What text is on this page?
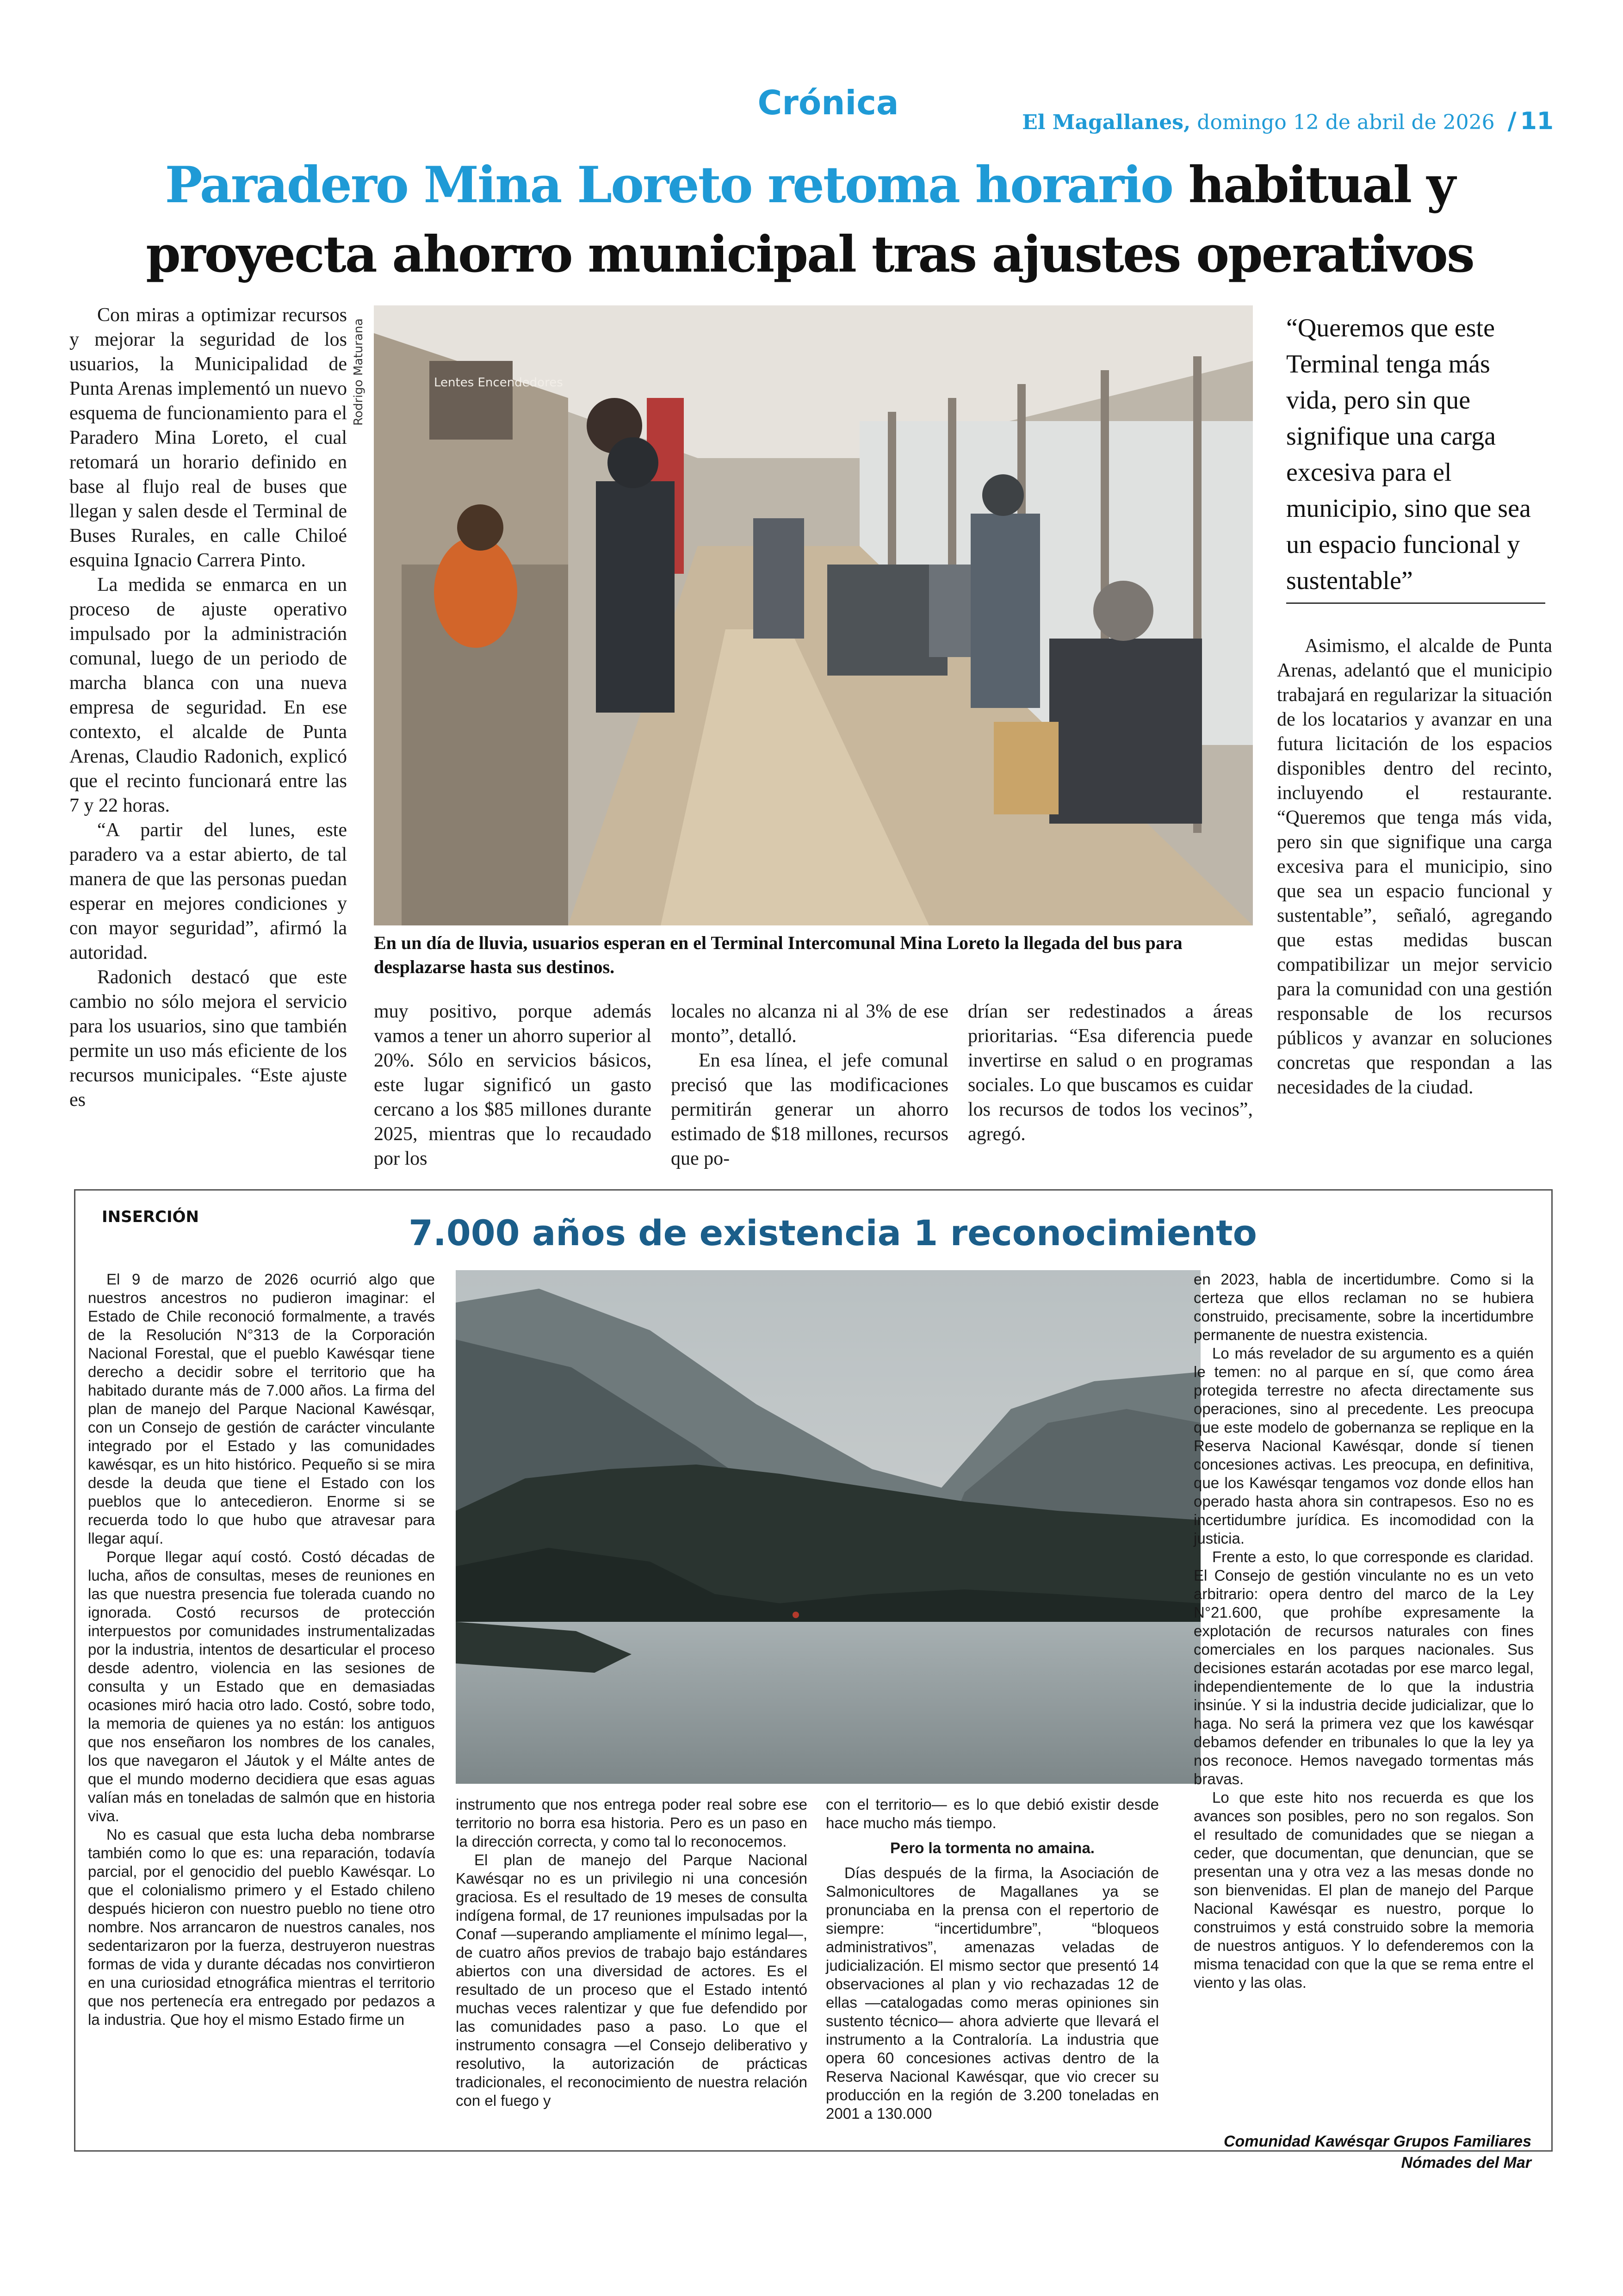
Crónica
El Magallanes, domingo 12 de abril de 2026 / 11
Paradero Mina Loreto retoma horario habitual y
proyecta ahorro municipal tras ajustes operativos

Con miras a optimizar recursos y mejorar la seguridad de los usuarios, la Municipalidad de Punta Arenas implementó un nuevo esquema de funcionamiento para el Paradero Mina Loreto, el cual retomará un horario definido en base al flujo real de buses que llegan y salen desde el Terminal de Buses Rurales, en calle Chiloé esquina Ignacio Carrera Pinto.

La medida se enmarca en un proceso de ajuste operativo impulsado por la administración comunal, luego de un periodo de marcha blanca con una nueva empresa de seguridad. En ese contexto, el alcalde de Punta Arenas, Claudio Radonich, explicó que el recinto funcionará entre las 7 y 22 horas.

“A partir del lunes, este paradero va a estar abierto, de tal manera de que las personas puedan esperar en mejores condiciones y con mayor seguridad”, afirmó la autoridad.

Radonich destacó que este cambio no sólo mejora el servicio para los usuarios, sino que también permite un uso más eficiente de los recursos municipales. “Este ajuste es

Rodrigo Maturana	Lentes Encendedores
En un día de lluvia, usuarios esperan en el Terminal Intercomunal Mina Loreto la llegada del bus para desplazarse hasta sus destinos.
“Queremos que este Terminal tenga más vida, pero sin que signifique una carga excesiva para el municipio, sino que sea un espacio funcional y sustentable”

muy positivo, porque además vamos a tener un ahorro superior al 20%. Sólo en servicios básicos, este lugar significó un gasto cercano a los $85 millones durante 2025, mientras que lo recaudado por los

locales no alcanza ni al 3% de ese monto”, detalló.

En esa línea, el jefe comunal precisó que las modificaciones permitirán generar un ahorro estimado de $18 millones, recursos que po-

drían ser redestinados a áreas prioritarias. “Esa diferencia puede invertirse en salud o en programas sociales. Lo que buscamos es cuidar los recursos de todos los vecinos”, agregó.

Asimismo, el alcalde de Punta Arenas, adelantó que el municipio trabajará en regularizar la situación de los locatarios y avanzar en una futura licitación de los espacios disponibles dentro del recinto, incluyendo el restaurante. “Queremos que tenga más vida, pero sin que signifique una carga excesiva para el municipio, sino que sea un espacio funcional y sustentable”, señaló, agregando que estas medidas buscan compatibilizar un mejor servicio para la comunidad con una gestión responsable de los recursos públicos y avanzar en soluciones concretas que respondan a las necesidades de la ciudad.

INSERCIÓN	7.000 años de existencia 1 reconocimiento

El 9 de marzo de 2026 ocurrió algo que nuestros ancestros no pudieron imaginar: el Estado de Chile reconoció formalmente, a través de la Resolución N°313 de la Corporación Nacional Forestal, que el pueblo Kawésqar tiene derecho a decidir sobre el territorio que ha habitado durante más de 7.000 años. La firma del plan de manejo del Parque Nacional Kawésqar, con un Consejo de gestión de carácter vinculante integrado por el Estado y las comunidades kawésqar, es un hito histórico. Pequeño si se mira desde la deuda que tiene el Estado con los pueblos que lo antecedieron. Enorme si se recuerda todo lo que hubo que atravesar para llegar aquí.

Porque llegar aquí costó. Costó décadas de lucha, años de consultas, meses de reuniones en las que nuestra presencia fue tolerada cuando no ignorada. Costó recursos de protección interpuestos por comunidades instrumentalizadas por la industria, intentos de desarticular el proceso desde adentro, violencia en las sesiones de consulta y un Estado que en demasiadas ocasiones miró hacia otro lado. Costó, sobre todo, la memoria de quienes ya no están: los antiguos que nos enseñaron los nombres de los canales, los que navegaron el Jáutok y el Málte antes de que el mundo moderno decidiera que esas aguas valían más en toneladas de salmón que en historia viva.

No es casual que esta lucha deba nombrarse también como lo que es: una reparación, todavía parcial, por el genocidio del pueblo Kawésqar. Lo que el colonialismo primero y el Estado chileno después hicieron con nuestro pueblo no tiene otro nombre. Nos arrancaron de nuestros canales, nos sedentarizaron por la fuerza, destruyeron nuestras formas de vida y durante décadas nos convirtieron en una curiosidad etnográfica mientras el territorio que nos pertenecía era entregado por pedazos a la industria. Que hoy el mismo Estado firme un

instrumento que nos entrega poder real sobre ese territorio no borra esa historia. Pero es un paso en la dirección correcta, y como tal lo reconocemos.

El plan de manejo del Parque Nacional Kawésqar no es un privilegio ni una concesión graciosa. Es el resultado de 19 meses de consulta indígena formal, de 17 reuniones impulsadas por la Conaf —superando ampliamente el mínimo legal—, de cuatro años previos de trabajo bajo estándares abiertos con una diversidad de actores. Es el resultado de un proceso que el Estado intentó muchas veces ralentizar y que fue defendido por las comunidades paso a paso. Lo que el instrumento consagra —el Consejo deliberativo y resolutivo, la autorización de prácticas tradicionales, el reconocimiento de nuestra relación con el fuego y

con el territorio— es lo que debió existir desde hace mucho más tiempo.

Pero la tormenta no amaina.

Días después de la firma, la Asociación de Salmonicultores de Magallanes ya se pronunciaba en la prensa con el repertorio de siempre: “incertidumbre”, “bloqueos administrativos”, amenazas veladas de judicialización. El mismo sector que presentó 14 observaciones al plan y vio rechazadas 12 de ellas —catalogadas como meras opiniones sin sustento técnico— ahora advierte que llevará el instrumento a la Contraloría. La industria que opera 60 concesiones activas dentro de la Reserva Nacional Kawésqar, que vio crecer su producción en la región de 3.200 toneladas en 2001 a 130.000

en 2023, habla de incertidumbre. Como si la certeza que ellos reclaman no se hubiera construido, precisamente, sobre la incertidumbre permanente de nuestra existencia.

Lo más revelador de su argumento es a quién le temen: no al parque en sí, que como área protegida terrestre no afecta directamente sus operaciones, sino al precedente. Les preocupa que este modelo de gobernanza se replique en la Reserva Nacional Kawésqar, donde sí tienen concesiones activas. Les preocupa, en definitiva, que los Kawésqar tengamos voz donde ellos han operado hasta ahora sin contrapesos. Eso no es incertidumbre jurídica. Es incomodidad con la justicia.

Frente a esto, lo que corresponde es claridad. El Consejo de gestión vinculante no es un veto arbitrario: opera dentro del marco de la Ley N°21.600, que prohíbe expresamente la explotación de recursos naturales con fines comerciales en los parques nacionales. Sus decisiones estarán acotadas por ese marco legal, independientemente de lo que la industria insinúe. Y si la industria decide judicializar, que lo haga. No será la primera vez que los kawésqar debamos defender en tribunales lo que la ley ya nos reconoce. Hemos navegado tormentas más bravas.

Lo que este hito nos recuerda es que los avances son posibles, pero no son regalos. Son el resultado de comunidades que se niegan a ceder, que documentan, que denuncian, que se presentan una y otra vez a las mesas donde no son bienvenidas. El plan de manejo del Parque Nacional Kawésqar es nuestro, porque lo construimos y está construido sobre la memoria de nuestros antiguos. Y lo defenderemos con la misma tenacidad con que la que se rema entre el viento y las olas.

Comunidad Kawésqar Grupos Familiares
Nómades del Mar
